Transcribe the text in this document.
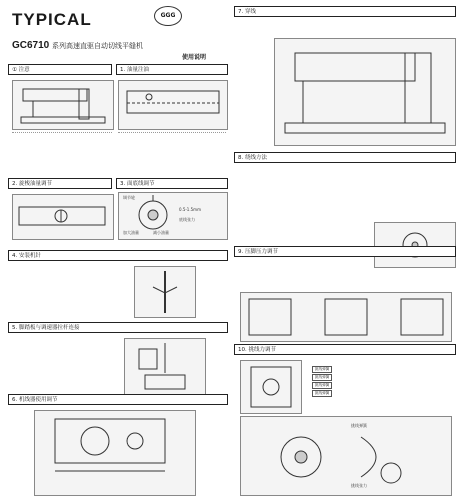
TYPICAL	GGG
GC6710 系列高速直驱自动切线平缝机
使用说明
① 注意	1. 油量注油
2. 旋梭油量调节	3. 面底线调节
调节轮
加大油量	减小油量
0.5-1.5mm
底线张力
4. 安装机针
5. 脚踏板与调速器拉杆连接
6. 机线器使用调节
7. 穿线
8. 绕线方法
9. 压脚压力调节
10. 挑线力调节
挑线弹簧
挑线弹簧
挑线弹簧
挑线弹簧
挑线弹簧
挑线张力
